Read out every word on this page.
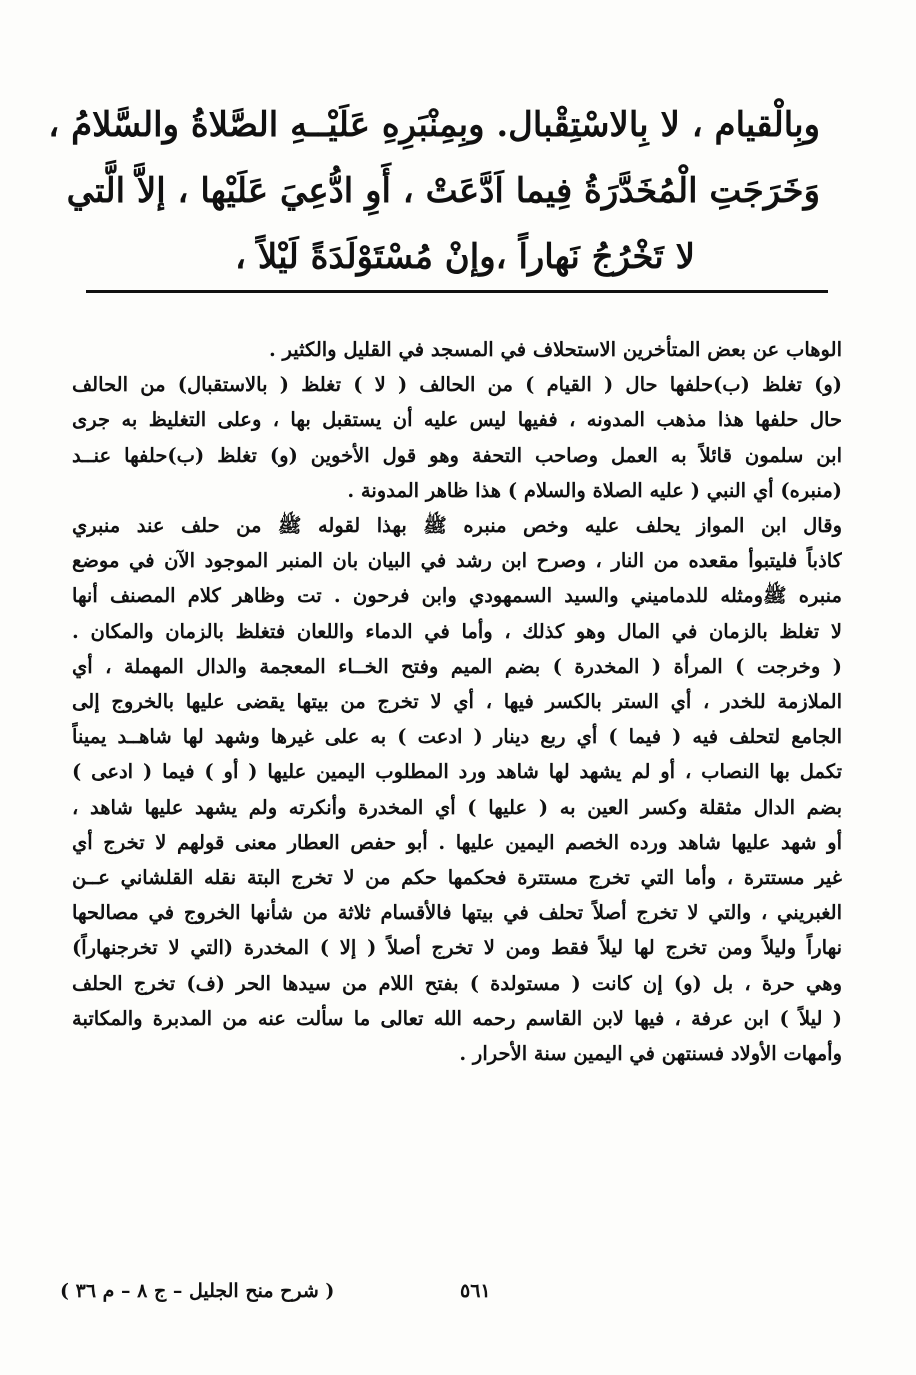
وبِالْقيام ، لا بِالاسْتِقْبال. وبِمِنْبَرِهِ عَلَيْــهِ الصَّلاةُ والسَّلامُ ،
وَخَرَجَتِ الْمُخَدَّرَةُ فِيما اَدَّعَتْ ، أَوِ ادُّعِيَ عَلَيْها ، إلاَّ الَّتي
لا تَخْرُجُ نَهاراً ،وإنْ مُسْتَوْلَدَةً لَيْلاً ،
الوهاب عن بعض المتأخرين الاستحلاف في المسجد في القليل والكثير .
(و) تغلظ (ب)حلفها حال ( القيام ) من الحالف ( لا ) تغلظ ( بالاستقبال) من الحالف
حال حلفها هذا مذهب المدونه ، ففيها ليس عليه أن يستقبل بها ، وعلى التغليظ به جرى
ابن سلمون قائلاً به العمل وصاحب التحفة وهو قول الأخوين (و) تغلظ (ب)حلفها عنــد
(منبره) أي النبي ( عليه الصلاة والسلام ) هذا ظاهر المدونة .
وقال ابن المواز يحلف عليه وخص منبره ﷺ بهذا لقوله ﷺ من حلف عند منبري
كاذباً فليتبوأ مقعده من النار ، وصرح ابن رشد في البيان بان المنبر الموجود الآن في موضع
منبره ﷺومثله للدماميني والسيد السمهودي وابن فرحون . تت وظاهر كلام المصنف أنها
لا تغلظ بالزمان في المال وهو كذلك ، وأما في الدماء واللعان فتغلظ بالزمان والمكان .
( وخرجت ) المرأة ( المخدرة ) بضم الميم وفتح الخــاء المعجمة والدال المهملة ، أي
الملازمة للخدر ، أي الستر بالكسر فيها ، أي لا تخرج من بيتها يقضى عليها بالخروج إلى
الجامع لتحلف فيه ( فيما ) أي ربع دينار ( ادعت ) به على غيرها وشهد لها شاهــد يميناً
تكمل بها النصاب ، أو لم يشهد لها شاهد ورد المطلوب اليمين عليها ( أو ) فيما ( ادعى )
بضم الدال مثقلة وكسر العين به ( عليها ) أي المخدرة وأنكرته ولم يشهد عليها شاهد ،
أو شهد عليها شاهد ورده الخصم اليمين عليها . أبو حفص العطار معنى قولهم لا تخرج أي
غير مستترة ، وأما التي تخرج مستترة فحكمها حكم من لا تخرج البتة نقله القلشاني عــن
الغبريني ، والتي لا تخرج أصلاً تحلف في بيتها فالأقسام ثلاثة من شأنها الخروج في مصالحها
نهاراً وليلاً ومن تخرج لها ليلاً فقط ومن لا تخرج أصلاً ( إلا ) المخدرة (التي لا تخرجنهاراً)
وهي حرة ، بل (و) إن كانت ( مستولدة ) بفتح اللام من سيدها الحر (ف) تخرج الحلف
( ليلاً ) ابن عرفة ، فيها لابن القاسم رحمه الله تعالى ما سألت عنه من المدبرة والمكاتبة
وأمهات الأولاد فسنتهن في اليمين سنة الأحرار .
٥٦١
( شرح منح الجليل – ج ٨ – م ٣٦ )
